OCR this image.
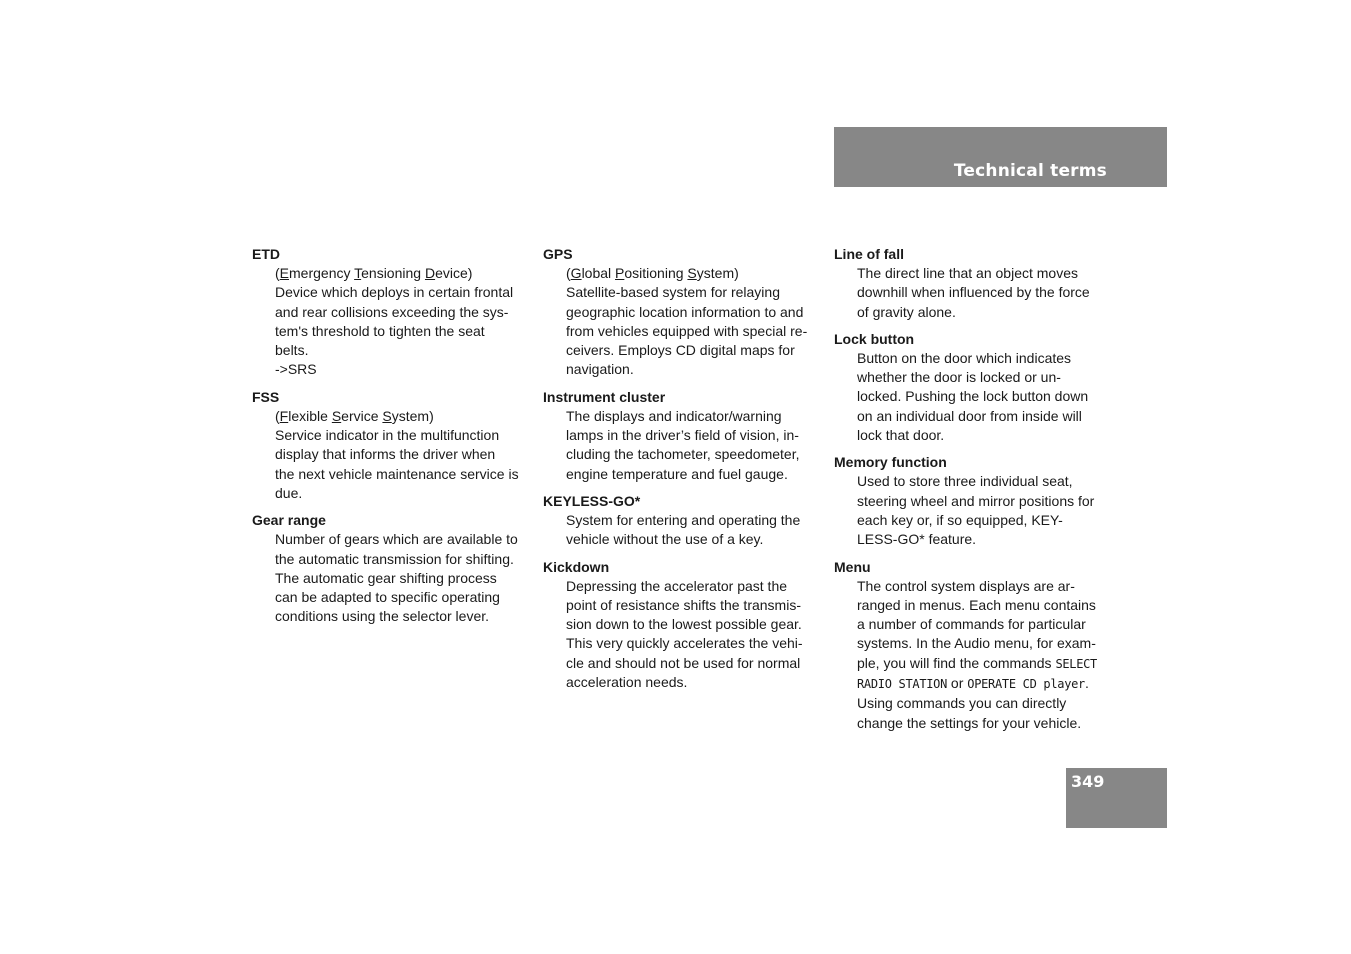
Technical terms
349
ETD

(Emergency Tensioning Device)

Device which deploys in certain frontal

and rear collisions exceeding the sys-

tem's threshold to tighten the seat

belts.

->SRS

FSS

(Flexible Service System)

Service indicator in the multifunction

display that informs the driver when

the next vehicle maintenance service is

due.

Gear range

Number of gears which are available to

the automatic transmission for shifting.

The automatic gear shifting process

can be adapted to specific operating

conditions using the selector lever.

GPS

(Global Positioning System)

Satellite-based system for relaying

geographic location information to and

from vehicles equipped with special re-

ceivers. Employs CD digital maps for

navigation.

Instrument cluster

The displays and indicator/warning

lamps in the driver’s field of vision, in-

cluding the tachometer, speedometer,

engine temperature and fuel gauge.

KEYLESS-GO*

System for entering and operating the

vehicle without the use of a key.

Kickdown

Depressing the accelerator past the

point of resistance shifts the transmis-

sion down to the lowest possible gear.

This very quickly accelerates the vehi-

cle and should not be used for normal

acceleration needs.

Line of fall

The direct line that an object moves

downhill when influenced by the force

of gravity alone.

Lock button

Button on the door which indicates

whether the door is locked or un-

locked. Pushing the lock button down

on an individual door from inside will

lock that door.

Memory function

Used to store three individual seat,

steering wheel and mirror positions for

each key or, if so equipped, KEY-

LESS-GO* feature.

Menu

The control system displays are ar-

ranged in menus. Each menu contains

a number of commands for particular

systems. In the Audio menu, for exam-

ple, you will find the commands SELECT

RADIO STATION or OPERATE CD player.

Using commands you can directly

change the settings for your vehicle.
